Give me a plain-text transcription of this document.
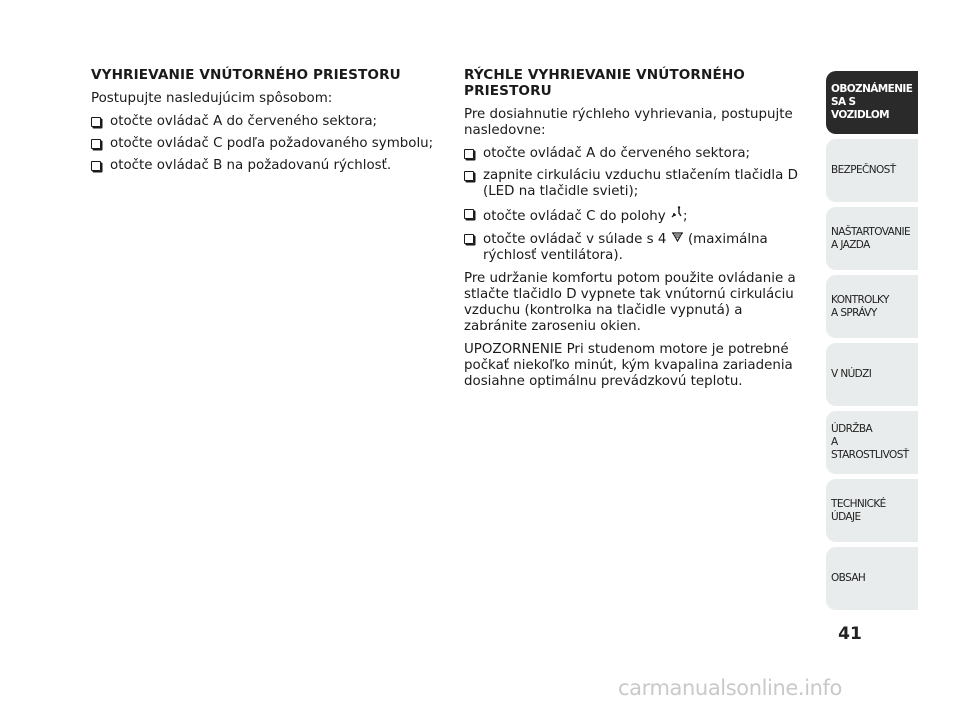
VYHRIEVANIE VNÚTORNÉHO PRIESTORU

Postupujte nasledujúcim spôsobom:

otočte ovládač A do červeného sektora;
otočte ovládač C podľa požadovaného symbolu;
otočte ovládač B na požadovanú rýchlosť.
RÝCHLE VYHRIEVANIE VNÚTORNÉHO PRIESTORU

Pre dosiahnutie rýchleho vyhrievania, postupujte nasledovne:

otočte ovládač A do červeného sektora;
zapnite cirkuláciu vzduchu stlačením tlačidla D (LED na tlačidle svieti);
otočte ovládač C do polohy ;
otočte ovládač v súlade s 4  (maximálna rýchlosť ventilátora).

Pre udržanie komfortu potom použite ovládanie a stlačte tlačidlo D vypnete tak vnútornú cirkuláciu vzduchu (kontrolka na tlačidle vypnutá) a zabránite zaroseniu okien.

UPOZORNENIE Pri studenom motore je potrebné počkať niekoľko minút, kým kvapalina zariadenia dosiahne optimálnu prevádzkovú teplotu.

OBOZNÁMENIE
SA S VOZIDLOM
BEZPEČNOSŤ
NAŠTARTOVANIE
A JAZDA
KONTROLKY
A SPRÁVY
V NÚDZI
ÚDRŽBA
A STAROSTLIVOSŤ
TECHNICKÉ
ÚDAJE
OBSAH
41
carmanualsonline.info
